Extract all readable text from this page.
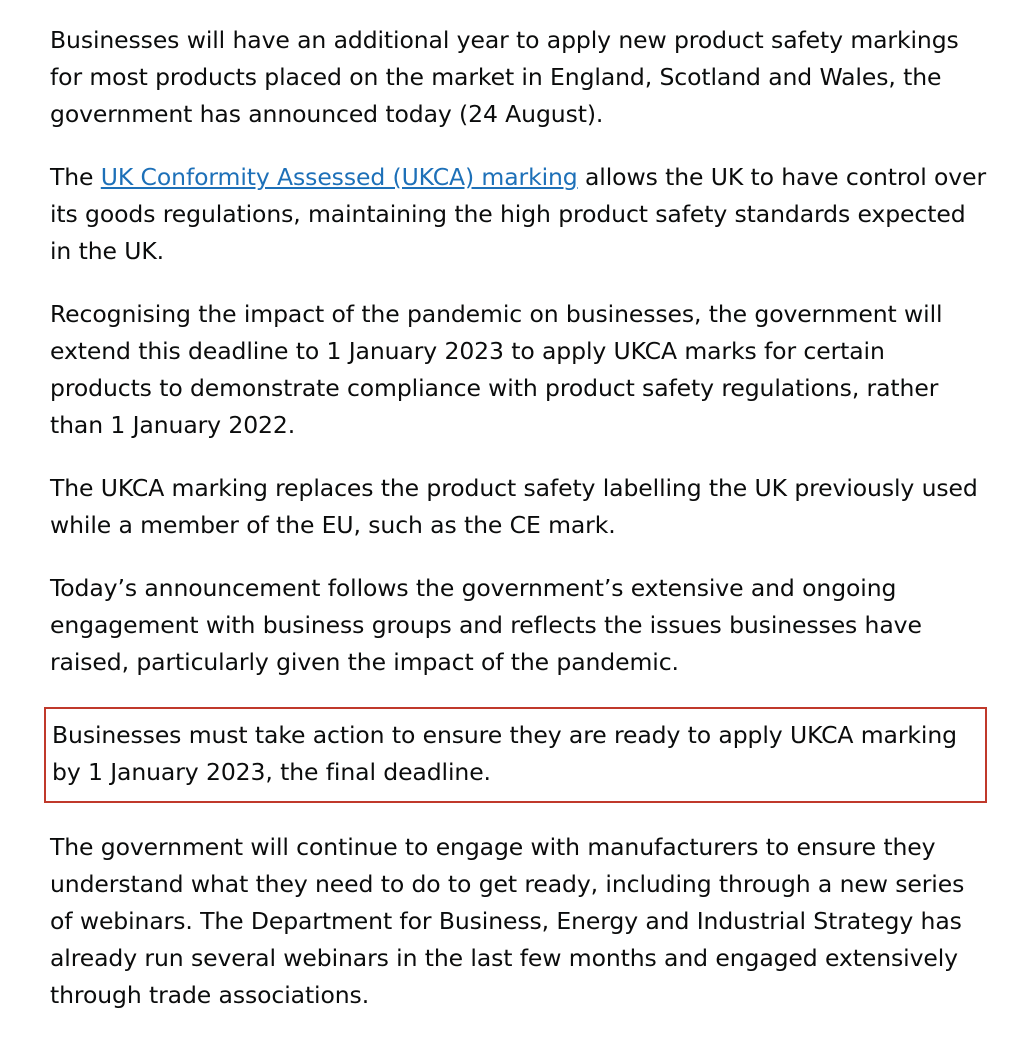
Businesses will have an additional year to apply new product safety markings for most products placed on the market in England, Scotland and Wales, the government has announced today (24 August).

The UK Conformity Assessed (UKCA) marking allows the UK to have control over its goods regulations, maintaining the high product safety standards expected in the UK.

Recognising the impact of the pandemic on businesses, the government will extend this deadline to 1 January 2023 to apply UKCA marks for certain products to demonstrate compliance with product safety regulations, rather than 1 January 2022.

The UKCA marking replaces the product safety labelling the UK previously used while a member of the EU, such as the CE mark.

Today’s announcement follows the government’s extensive and ongoing engagement with business groups and reflects the issues businesses have raised, particularly given the impact of the pandemic.

Businesses must take action to ensure they are ready to apply UKCA marking by 1 January 2023, the final deadline.

The government will continue to engage with manufacturers to ensure they understand what they need to do to get ready, including through a new series of webinars. The Department for Business, Energy and Industrial Strategy has already run several webinars in the last few months and engaged extensively through trade associations.
